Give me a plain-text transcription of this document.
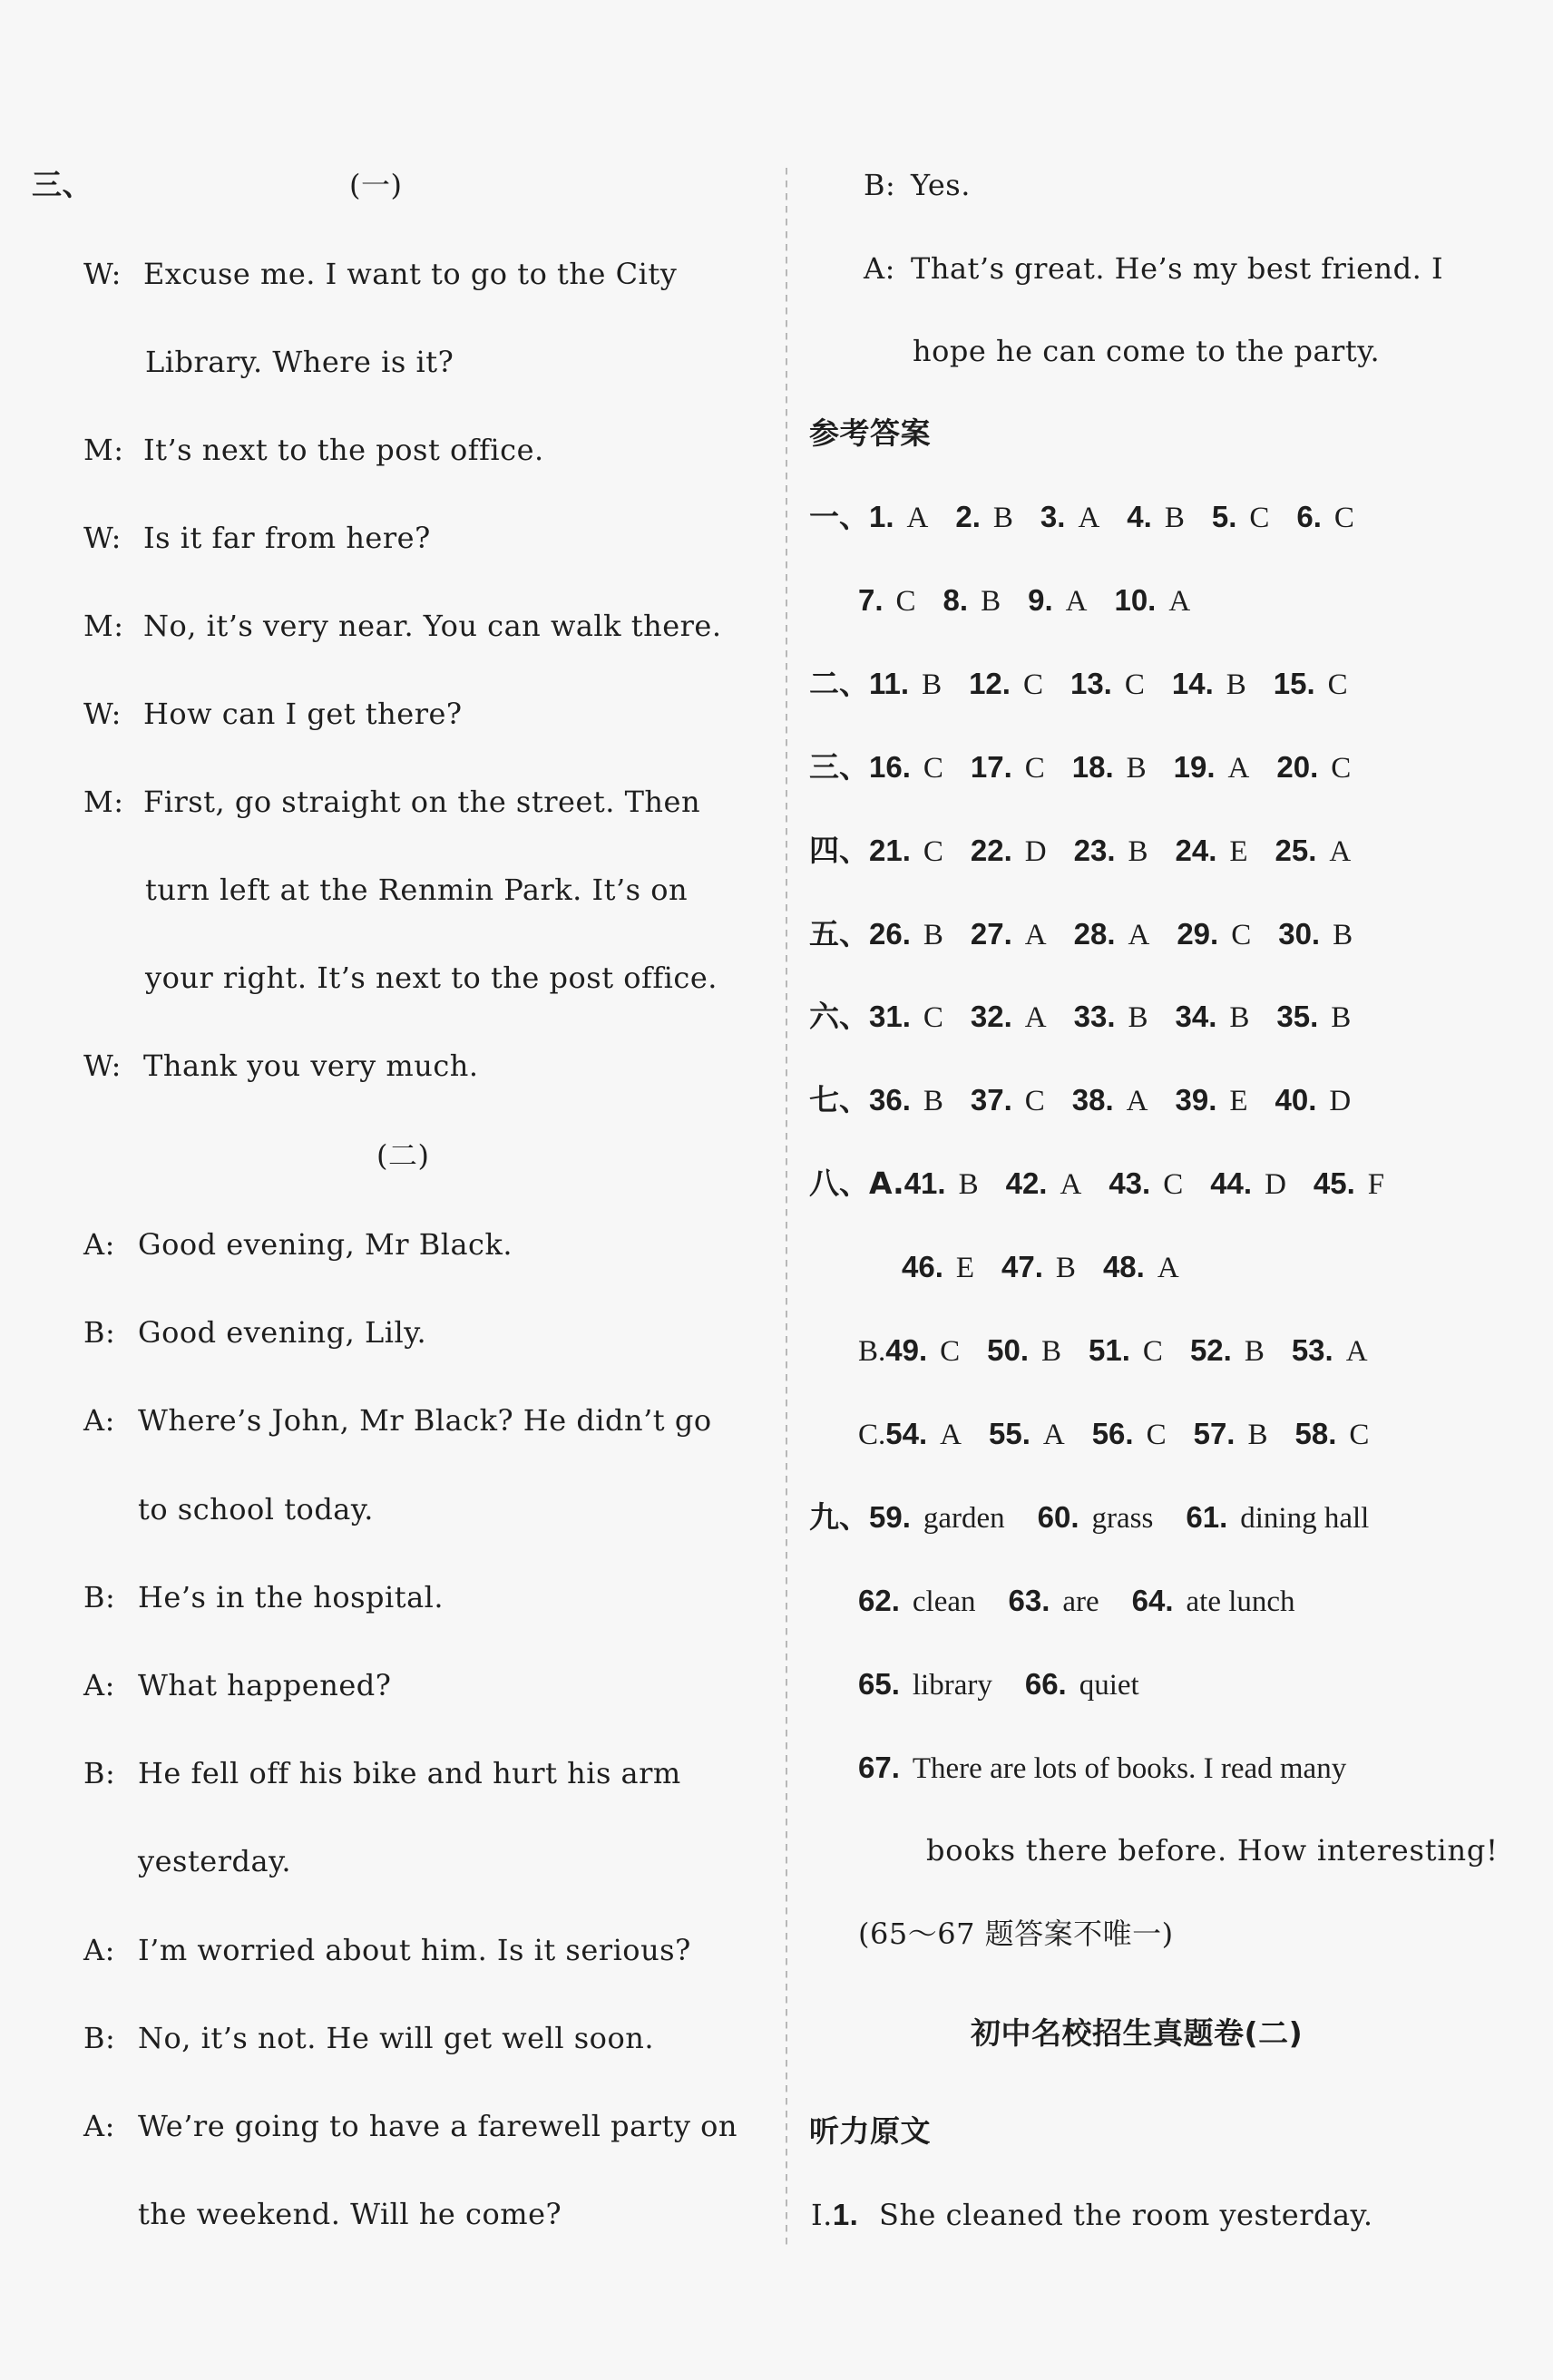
三、	(一)
W: Excuse me. I want to go to the City
Library. Where is it?
M: It’s next to the post office.
W: Is it far from here?
M: No, it’s very near. You can walk there.
W: How can I get there?
M: First, go straight on the street. Then
turn left at the Renmin Park. It’s on
your right. It’s next to the post office.
W: Thank you very much.
(二)
A: Good evening, Mr Black.
B: Good evening, Lily.
A: Where’s John, Mr Black? He didn’t go
to school today.
B: He’s in the hospital.
A: What happened?
B: He fell off his bike and hurt his arm
yesterday.
A: I’m worried about him. Is it serious?
B: No, it’s not. He will get well soon.
A: We’re going to have a farewell party on
the weekend. Will he come?
B: Yes.
A: That’s great. He’s my best friend. I
hope he can come to the party.
参考答案
一、1. A 2. B 3. A 4. B 5. C 6. C
7. C 8. B 9. A 10. A
二、11. B 12. C 13. C 14. B 15. C
三、16. C 17. C 18. B 19. A 20. C
四、21. C 22. D 23. B 24. E 25. A
五、26. B 27. A 28. A 29. C 30. B
六、31. C 32. A 33. B 34. B 35. B
七、36. B 37. C 38. A 39. E 40. D
八、A.41. B 42. A 43. C 44. D 45. F
46. E 47. B 48. A
B.49. C 50. B 51. C 52. B 53. A
C.54. A 55. A 56. C 57. B 58. C
九、59. garden 60. grass 61. dining hall
62. clean 63. are 64. ate lunch
65. library 66. quiet
67. There are lots of books. I read many
books there before. How interesting!
(65～67 题答案不唯一)
初中名校招生真题卷(二)
听力原文
Ⅰ.1. She cleaned the room yesterday.
